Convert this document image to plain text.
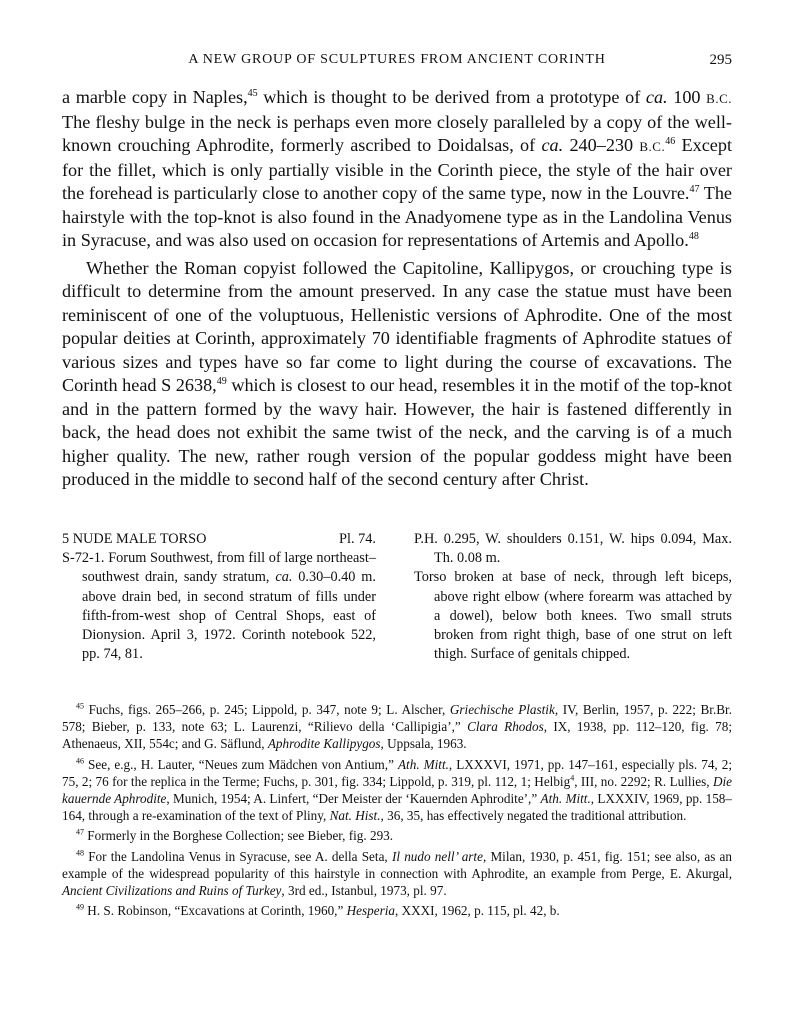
A NEW GROUP OF SCULPTURES FROM ANCIENT CORINTH	295

a marble copy in Naples,$^{45}$ which is thought to be derived from a prototype of ca. 100 B.C. The fleshy bulge in the neck is perhaps even more closely paralleled by a copy of the well-known crouching Aphrodite, formerly ascribed to Doidalsas, of ca. 240–230 B.C.$^{46}$ Except for the fillet, which is only partially visible in the Corinth piece, the style of the hair over the forehead is particularly close to another copy of the same type, now in the Louvre.$^{47}$ The hairstyle with the top-knot is also found in the Anadyomene type as in the Landolina Venus in Syracuse, and was also used on occasion for representations of Artemis and Apollo.$^{48}$

Whether the Roman copyist followed the Capitoline, Kallipygos, or crouching type is difficult to determine from the amount preserved. In any case the statue must have been reminiscent of one of the voluptuous, Hellenistic versions of Aphrodite. One of the most popular deities at Corinth, approximately 70 identifiable fragments of Aphrodite statues of various sizes and types have so far come to light during the course of excavations. The Corinth head S 2638,49 which is closest to our head, resembles it in the motif of the top-knot and in the pattern formed by the wavy hair. However, the hair is fastened differently in back, the head does not exhibit the same twist of the neck, and the carving is of a much higher quality. The new, rather rough version of the popular goddess might have been produced in the middle to second half of the second century after Christ.

5 NUDE MALE TORSO	Pl. 74.

S-72-1. Forum Southwest, from fill of large northeast–southwest drain, sandy stratum, ca. 0.30–0.40 m. above drain bed, in second stratum of fills under fifth-from-west shop of Central Shops, east of Dionysion. April 3, 1972. Corinth notebook 522, pp. 74, 81.

P.H. 0.295, W. shoulders 0.151, W. hips 0.094, Max. Th. 0.08 m.

Torso broken at base of neck, through left biceps, above right elbow (where forearm was attached by a dowel), below both knees. Two small struts broken from right thigh, base of one strut on left thigh. Surface of genitals chipped.

$^{45}$ Fuchs, figs. 265–266, p. 245; Lippold, p. 347, note 9; L. Alscher, Griechische Plastik, IV, Berlin, 1957, p. 222; Br.Br. 578; Bieber, p. 133, note 63; L. Laurenzi, “Rilievo della ‘Callipigia’,” Clara Rhodos, IX, 1938, pp. 112–120, fig. 78; Athenaeus, XII, 554c; and G. Säflund, Aphrodite Kallipygos, Uppsala, 1963.

$^{46}$ See, e.g., H. Lauter, “Neues zum Mädchen von Antium,” Ath. Mitt., LXXXVI, 1971, pp. 147–161, especially pls. 74, 2; 75, 2; 76 for the replica in the Terme; Fuchs, p. 301, fig. 334; Lippold, p. 319, pl. 112, 1; Helbig$^4$, III, no. 2292; R. Lullies, Die kauernde Aphrodite, Munich, 1954; A. Linfert, “Der Meister der ‘Kauernden Aphrodite’,” Ath. Mitt., LXXXIV, 1969, pp. 158–164, through a re-examination of the text of Pliny, Nat. Hist., 36, 35, has effectively negated the traditional attribution.

$^{47}$ Formerly in the Borghese Collection; see Bieber, fig. 293.

$^{48}$ For the Landolina Venus in Syracuse, see A. della Seta, Il nudo nell’ arte, Milan, 1930, p. 451, fig. 151; see also, as an example of the widespread popularity of this hairstyle in connection with Aphrodite, an example from Perge, E. Akurgal, Ancient Civilizations and Ruins of Turkey, 3rd ed., Istanbul, 1973, pl. 97.

$^{49}$ H. S. Robinson, “Excavations at Corinth, 1960,” Hesperia, XXXI, 1962, p. 115, pl. 42, b.
